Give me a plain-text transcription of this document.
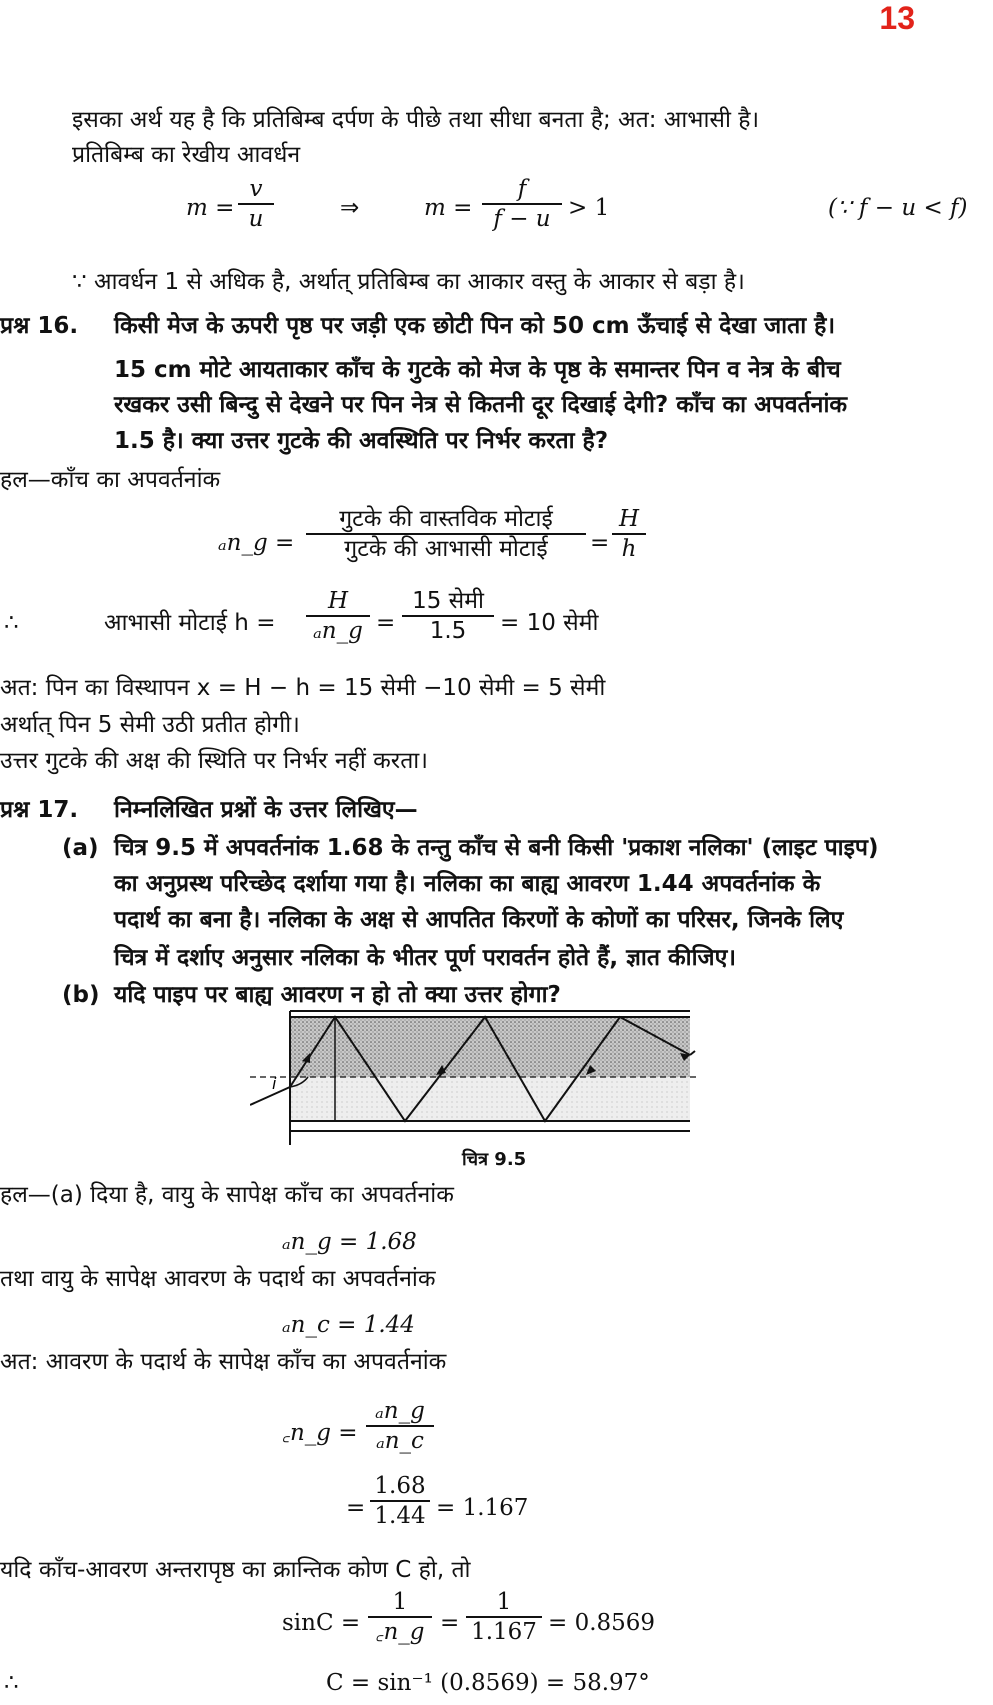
13
इसका अर्थ यह है कि प्रतिबिम्ब दर्पण के पीछे तथा सीधा बनता है; अत: आभासी है।
प्रतिबिम्ब का रेखीय आवर्धन
$m = \frac{v}{u}$	⇒	$m = \frac{f}{f - u} > 1$	(∵ f − u < f)
∵ आवर्धन 1 से अधिक है, अर्थात् प्रतिबिम्ब का आकार वस्तु के आकार से बड़ा है।
प्रश्न 16. किसी मेज के ऊपरी पृष्ठ पर जड़ी एक छोटी पिन को 50 cm ऊँचाई से देखा जाता है।
15 cm मोटे आयताकार काँच के गुटके को मेज के पृष्ठ के समान्तर पिन व नेत्र के बीच
रखकर उसी बिन्दु से देखने पर पिन नेत्र से कितनी दूर दिखाई देगी? काँच का अपवर्तनांक
1.5 है। क्या उत्तर गुटके की अवस्थिति पर निर्भर करता है?
हल—काँच का अपवर्तनांक
ₐn_g =
गुटके की वास्तविक मोटाई
गुटके की आभासी मोटाई	= $\frac{H}{h}$
∴	आभासी मोटाई $h = \frac{H}{\text{ₐn\_g}}$ =
15 सेमी
1.5	= 10 सेमी
अत: पिन का विस्थापन x = H − h = 15 सेमी −10 सेमी = 5 सेमी
अर्थात् पिन 5 सेमी उठी प्रतीत होगी।
उत्तर गुटके की अक्ष की स्थिति पर निर्भर नहीं करता।
प्रश्न 17. निम्नलिखित प्रश्नों के उत्तर लिखिए—
(a) चित्र 9.5 में अपवर्तनांक 1.68 के तन्तु काँच से बनी किसी 'प्रकाश नलिका' (लाइट पाइप)
का अनुप्रस्थ परिच्छेद दर्शाया गया है। नलिका का बाह्य आवरण 1.44 अपवर्तनांक के
पदार्थ का बना है। नलिका के अक्ष से आपतित किरणों के कोणों का परिसर, जिनके लिए
चित्र में दर्शाए अनुसार नलिका के भीतर पूर्ण परावर्तन होते हैं, ज्ञात कीजिए।
(b) यदि पाइप पर बाह्य आवरण न हो तो क्या उत्तर होगा?
i
चित्र 9.5
हल—(a) दिया है, वायु के सापेक्ष काँच का अपवर्तनांक
ₐn_g = 1.68
तथा वायु के सापेक्ष आवरण के पदार्थ का अपवर्तनांक
ₐn_c = 1.44
अत: आवरण के पदार्थ के सापेक्ष काँच का अपवर्तनांक
꜀n_g = $\frac{\text{ₐn\_g}}{\text{ₐn\_c}}$
= $\frac{1.68}{1.44} = 1.167$
यदि काँच-आवरण अन्तरापृष्ठ का क्रान्तिक कोण C हो, तो
$\sin C = \frac{1}{꜀n\_g} = \frac{1}{1.167} = 0.8569$
∴	C = sin⁻¹ (0.8569) = 58.97°
